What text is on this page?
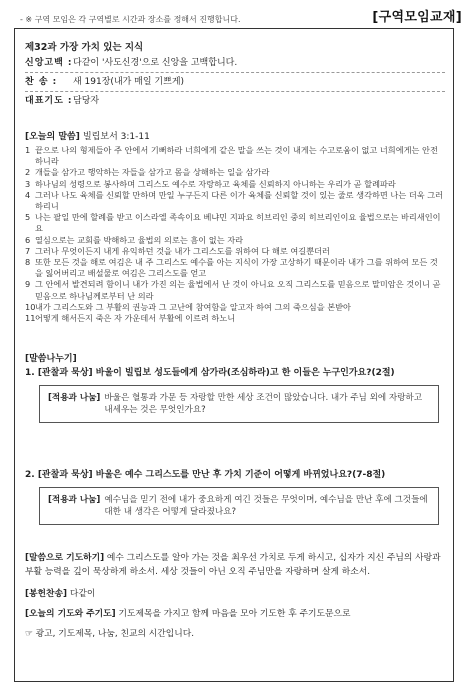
- ※ 구역 모임은 각 구역별로 시간과 장소를 정해서 진행합니다.	[구역모임교재]
제32과 가장 가치 있는 지식
신앙고백 : 다같이 '사도신경'으로 신앙을 고백합니다.
찬 송 :	새 191장(내가 매일 기쁘게)
대표기도 : 담당자
[오늘의 말씀] 빌립보서 3:1-11
1 끝으로 나의 형제들아 주 안에서 기뻐하라 너희에게 같은 말을 쓰는 것이 내게는 수고로움이 없고 너희에게는 안전하니라
2 개들을 삼가고 행악하는 자들을 삼가고 몸을 상해하는 일을 삼가라
3 하나님의 성령으로 봉사하며 그리스도 예수로 자랑하고 육체를 신뢰하지 아니하는 우리가 곧 할례파라
4 그러나 나도 육체를 신뢰할 만하며 만일 누구든지 다른 이가 육체를 신뢰할 것이 있는 줄로 생각하면 나는 더욱 그러하리니
5 나는 팔일 만에 할례를 받고 이스라엘 족속이요 베냐민 지파요 히브리인 중의 히브리인이요 율법으로는 바리새인이요
6 열심으로는 교회를 박해하고 율법의 의로는 흠이 없는 자라
7 그러나 무엇이든지 내게 유익하던 것을 내가 그리스도를 위하여 다 해로 여길뿐더러
8 또한 모든 것을 해로 여김은 내 주 그리스도 예수를 아는 지식이 가장 고상하기 때문이라 내가 그를 위하여 모든 것을 잃어버리고 배설물로 여김은 그리스도를 얻고
9 그 안에서 발견되려 함이니 내가 가진 의는 율법에서 난 것이 아니요 오직 그리스도를 믿음으로 말미암은 것이니 곧 믿음으로 하나님께로부터 난 의라
10 내가 그리스도와 그 부활의 권능과 그 고난에 참여함을 알고자 하여 그의 죽으심을 본받아
11 어떻게 해서든지 죽은 자 가운데서 부활에 이르려 하노니
[말씀나누기]
1. [관찰과 묵상] 바울이 빌립보 성도들에게 삼가라(조심하라)고 한 이들은 누구인가요?(2절)
[적용과 나눔] 바울은 혈통과 가문 등 자랑할 만한 세상 조건이 많았습니다. 내가 주님 외에 자랑하고 내세우는 것은 무엇인가요?
2. [관찰과 묵상] 바울은 예수 그리스도를 만난 후 가치 기준이 어떻게 바뀌었나요?(7-8절)
[적용과 나눔] 예수님을 믿기 전에 내가 중요하게 여긴 것들은 무엇이며, 예수님을 만난 후에 그것들에 대한 내 생각은 어떻게 달라졌나요?
[말씀으로 기도하기] 예수 그리스도를 알아 가는 것을 최우선 가치로 두게 하시고, 십자가 지신 주님의 사랑과 부활 능력을 깊이 묵상하게 하소서. 세상 것들이 아닌 오직 주님만을 자랑하며 살게 하소서.
[봉헌찬송] 다같이
[오늘의 기도와 주기도] 기도제목을 가지고 함께 마음을 모아 기도한 후 주기도문으로
☞ 광고, 기도제목, 나눔, 친교의 시간입니다.
